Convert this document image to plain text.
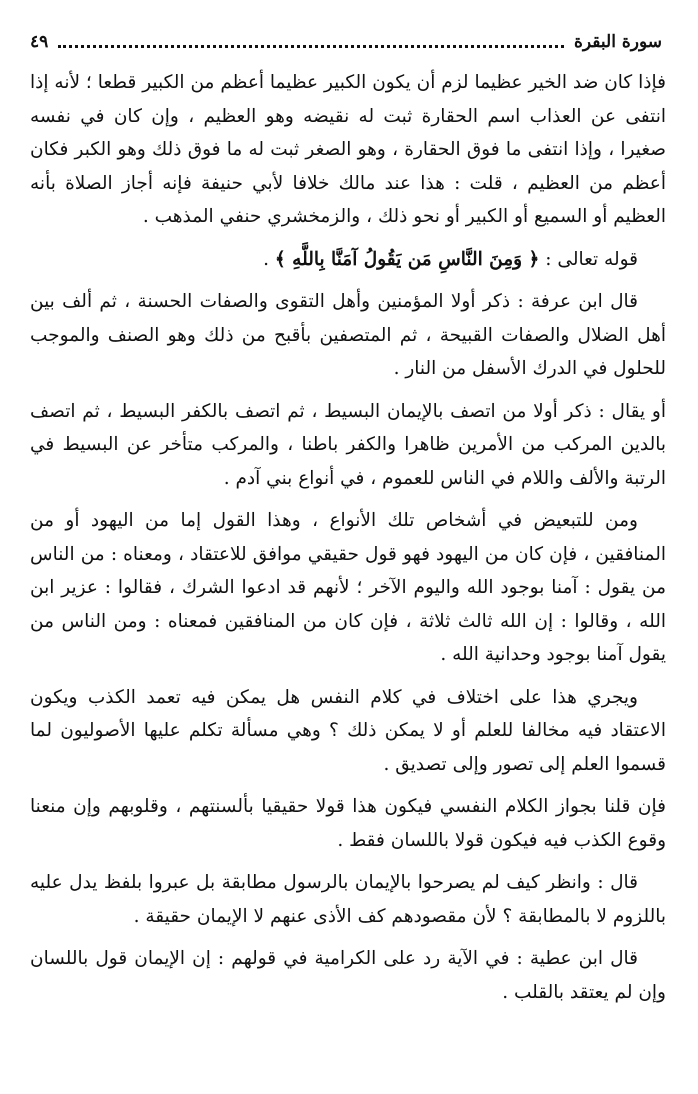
سورة البقرة
٤٩

فإذا كان ضد الخير عظيما لزم أن يكون الكبير عظيما أعظم من الكبير قطعا ؛ لأنه إذا انتفى عن العذاب اسم الحقارة ثبت له نقيضه وهو العظيم ، وإن كان في نفسه صغيرا ، وإذا انتفى ما فوق الحقارة ، وهو الصغر ثبت له ما فوق ذلك وهو الكبر فكان أعظم من العظيم ، قلت : هذا عند مالك خلافا لأبي حنيفة فإنه أجاز الصلاة بأنه العظيم أو السميع أو الكبير أو نحو ذلك ، والزمخشري حنفي المذهب .

قوله تعالى : ﴿ وَمِنَ النَّاسِ مَن يَقُولُ آمَنَّا بِاللَّهِ ﴾ .

قال ابن عرفة : ذكر أولا المؤمنين وأهل التقوى والصفات الحسنة ، ثم ألف بين أهل الضلال والصفات القبيحة ، ثم المتصفين بأقبح من ذلك وهو الصنف والموجب للحلول في الدرك الأسفل من النار .

أو يقال : ذكر أولا من اتصف بالإيمان البسيط ، ثم اتصف بالكفر البسيط ، ثم اتصف بالدين المركب من الأمرين ظاهرا والكفر باطنا ، والمركب متأخر عن البسيط في الرتبة والألف واللام في الناس للعموم ، في أنواع بني آدم .

ومن للتبعيض في أشخاص تلك الأنواع ، وهذا القول إما من اليهود أو من المنافقين ، فإن كان من اليهود فهو قول حقيقي موافق للاعتقاد ، ومعناه : من الناس من يقول : آمنا بوجود الله واليوم الآخر ؛ لأنهم قد ادعوا الشرك ، فقالوا : عزير ابن الله ، وقالوا : إن الله ثالث ثلاثة ، فإن كان من المنافقين فمعناه : ومن الناس من يقول آمنا بوجود وحدانية الله .

ويجري هذا على اختلاف في كلام النفس هل يمكن فيه تعمد الكذب ويكون الاعتقاد فيه مخالفا للعلم أو لا يمكن ذلك ؟ وهي مسألة تكلم عليها الأصوليون لما قسموا العلم إلى تصور وإلى تصديق .

فإن قلنا بجواز الكلام النفسي فيكون هذا قولا حقيقيا بألسنتهم ، وقلوبهم وإن منعنا وقوع الكذب فيه فيكون قولا باللسان فقط .

قال : وانظر كيف لم يصرحوا بالإيمان بالرسول مطابقة بل عبروا بلفظ يدل عليه باللزوم لا بالمطابقة ؟ لأن مقصودهم كف الأذى عنهم لا الإيمان حقيقة .

قال ابن عطية : في الآية رد على الكرامية في قولهم : إن الإيمان قول باللسان وإن لم يعتقد بالقلب .
